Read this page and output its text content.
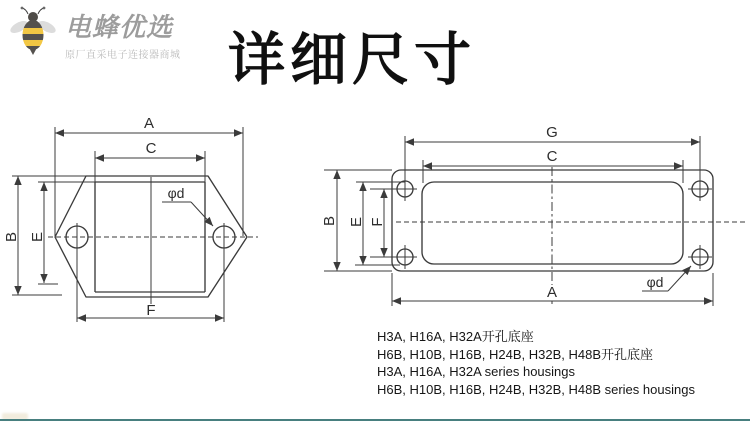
电蜂优选
原厂直采电子连接器商城 详细尺寸
A
C
B E
F
φd
G
C
B E F
A
φd
H3A, H16A, H32A开孔底座
H6B, H10B, H16B, H24B, H32B, H48B开孔底座
H3A, H16A, H32A series housings
H6B, H10B, H16B, H24B, H32B, H48B series housings
